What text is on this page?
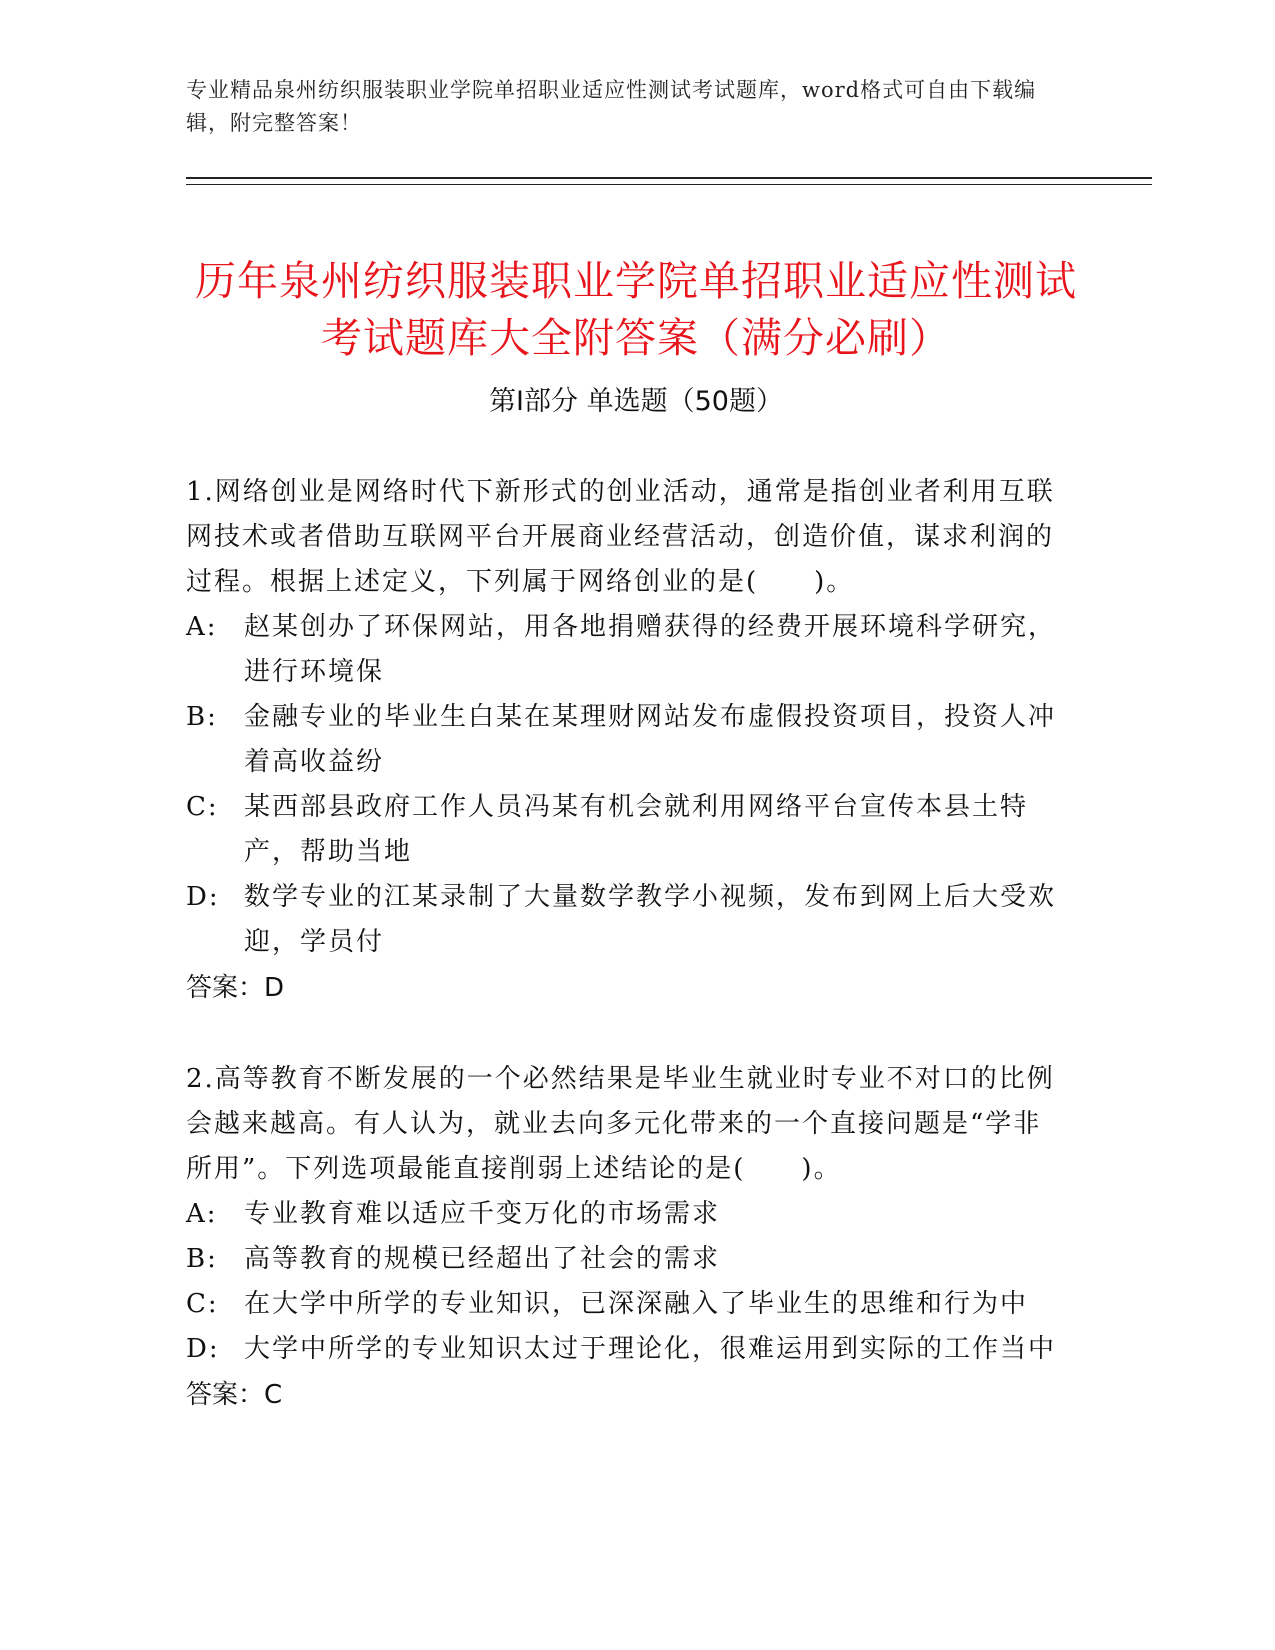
专业精品泉州纺织服装职业学院单招职业适应性测试考试题库，word格式可自由下载编辑，附完整答案！
历年泉州纺织服装职业学院单招职业适应性测试考试题库大全附答案（满分必刷）
第Ⅰ部分 单选题（50题）
1.网络创业是网络时代下新形式的创业活动，通常是指创业者利用互联网技术或者借助互联网平台开展商业经营活动，创造价值，谋求利润的过程。根据上述定义，下列属于网络创业的是(　　)。
A: 赵某创办了环保网站，用各地捐赠获得的经费开展环境科学研究，进行环境保
B: 金融专业的毕业生白某在某理财网站发布虚假投资项目，投资人冲着高收益纷
C: 某西部县政府工作人员冯某有机会就利用网络平台宣传本县土特产，帮助当地
D: 数学专业的江某录制了大量数学教学小视频，发布到网上后大受欢迎，学员付
答案：D
2.高等教育不断发展的一个必然结果是毕业生就业时专业不对口的比例会越来越高。有人认为，就业去向多元化带来的一个直接问题是“学非所用”。下列选项最能直接削弱上述结论的是(　　)。
A: 专业教育难以适应千变万化的市场需求
B: 高等教育的规模已经超出了社会的需求
C: 在大学中所学的专业知识，已深深融入了毕业生的思维和行为中
D: 大学中所学的专业知识太过于理论化，很难运用到实际的工作当中
答案：C
